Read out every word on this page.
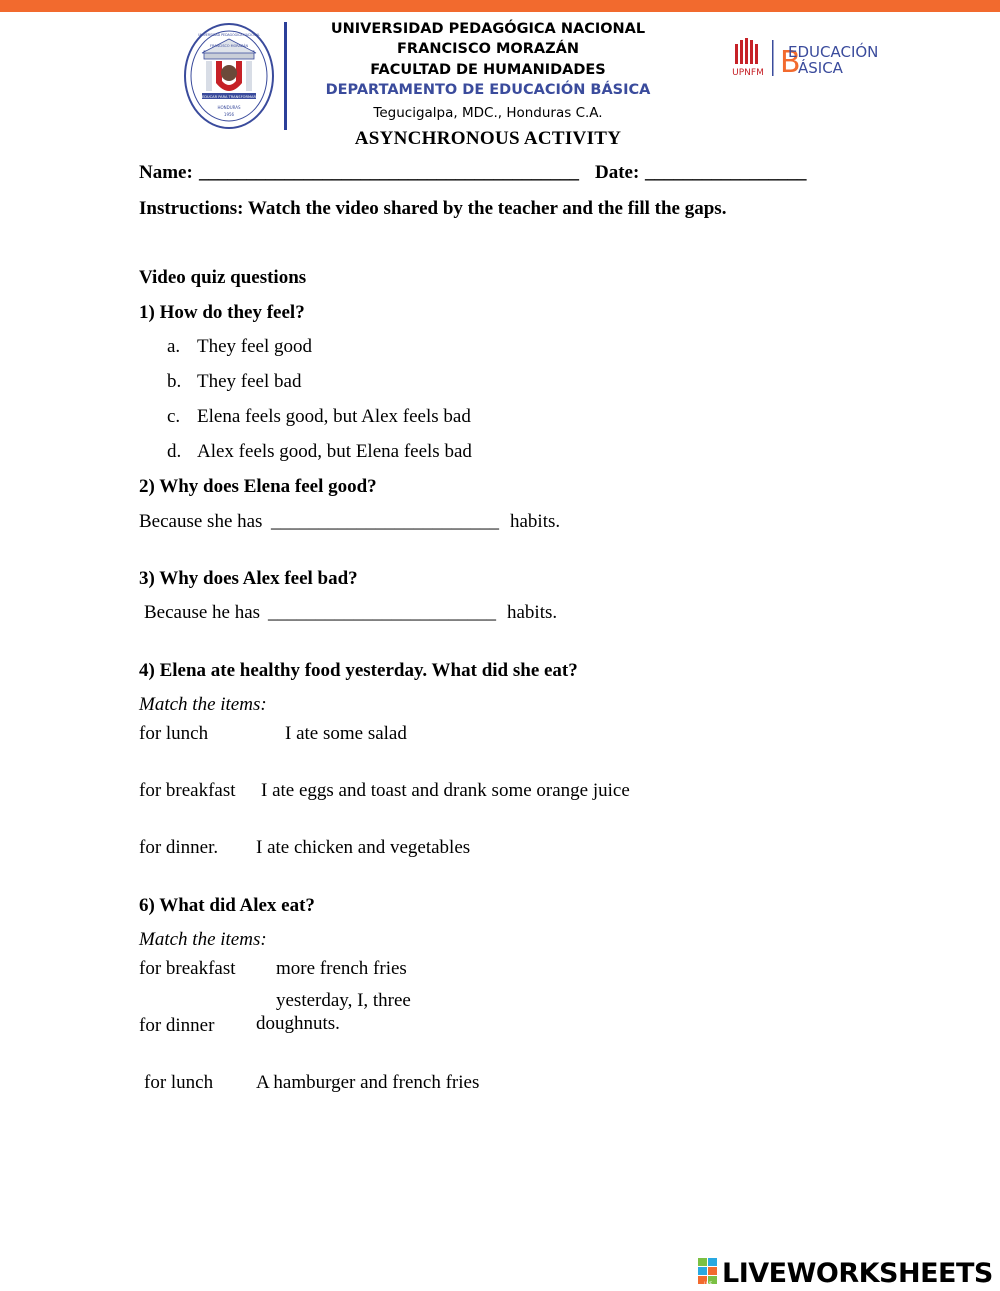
EDUCAR PARA TRANSFORMAR
UNIVERSIDAD PEDAGÓGICA NACIONAL
FRANCISCO MORAZÁN
HONDURAS
1956
UNIVERSIDAD PEDAGÓGICA NACIONAL
FRANCISCO MORAZÁN
FACULTAD DE HUMANIDADES
DEPARTAMENTO DE EDUCACIÓN BÁSICA
Tegucigalpa, MDC., Honduras C.A.
ASYNCHRONOUS ACTIVITY
UPNFM B
EDUCACIÓN
ÁSICA
Name: ________________________________________ Date: _________________
Instructions: Watch the video shared by the teacher and the fill the gaps.
Video quiz questions
1) How do they feel?
a. They feel good
b. They feel bad
c. Elena feels good, but Alex feels bad
d. Alex feels good, but Elena feels bad
2) Why does Elena feel good?
Because she has ________________________ habits.
3) Why does Alex feel bad?
Because he has ________________________ habits.
4) Elena ate healthy food yesterday. What did she eat?
Match the items:
for lunch	I ate some salad
for breakfast I ate eggs and toast and drank some orange juice
for dinner. I ate chicken and vegetables
6) What did Alex eat?
Match the items:
for breakfast more french fries
yesterday, I, three
for dinner doughnuts.
for lunch A hamburger and french fries
LIVE LIVEWORKSHEETS
